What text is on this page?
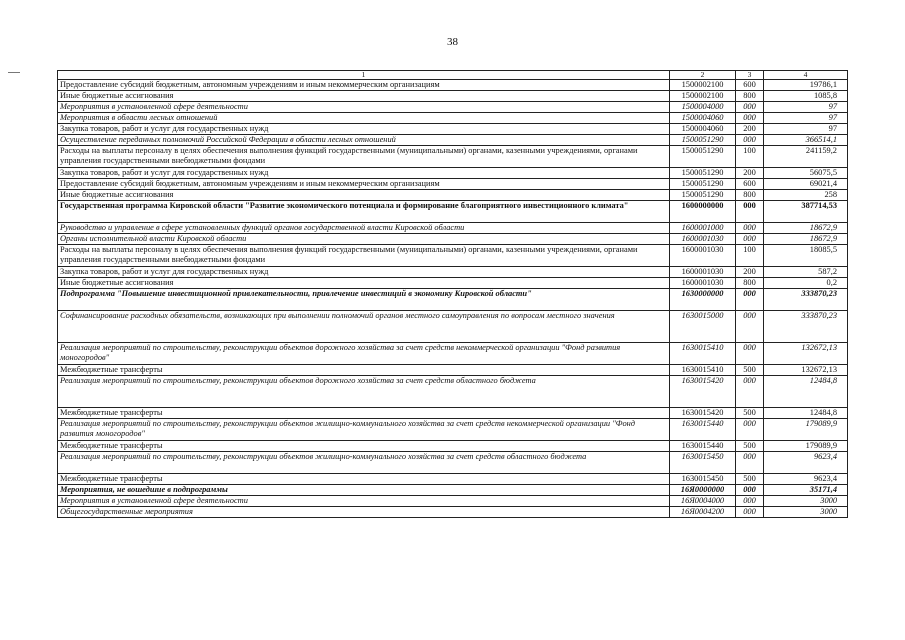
38
1	2	3	4
Предоставление субсидий бюджетным, автономным учреждениям и иным некоммерческим организациям	1500002100	600	19786,1
Иные бюджетные ассигнования	1500002100	800	1085,8
Мероприятия в установленной сфере деятельности	1500004000	000	97
Мероприятия в области лесных отношений	1500004060	000	97
Закупка товаров, работ и услуг для государственных нужд	1500004060	200	97
Осуществление переданных полномочий Российской Федерации в области лесных отношений	1500051290	000	366514,1
Расходы на выплаты персоналу в целях обеспечения выполнения функций государственными (муниципальными) органами, казенными учреждениями, органами управления государственными внебюджетными фондами	1500051290	100	241159,2
Закупка товаров, работ и услуг для государственных нужд	1500051290	200	56075,5
Предоставление субсидий бюджетным, автономным учреждениям и иным некоммерческим организациям	1500051290	600	69021,4
Иные бюджетные ассигнования	1500051290	800	258
Государственная программа Кировской области "Развитие экономического потенциала и формирование благоприятного инвестиционного климата"	1600000000	000	387714,53
Руководство и управление в сфере установленных функций органов государственной власти Кировской области	1600001000	000	18672,9
Органы исполнительной власти Кировской области	1600001030	000	18672,9
Расходы на выплаты персоналу в целях обеспечения выполнения функций государственными (муниципальными) органами, казенными учреждениями, органами управления государственными внебюджетными фондами	1600001030	100	18085,5
Закупка товаров, работ и услуг для государственных нужд	1600001030	200	587,2
Иные бюджетные ассигнования	1600001030	800	0,2
Подпрограмма "Повышение инвестиционной привлекательности, привлечение инвестиций в экономику Кировской области"	1630000000	000	333870,23
Софинансирование расходных обязательств, возникающих при выполнении полномочий органов местного самоуправления по вопросам местного значения	1630015000	000	333870,23
Реализация мероприятий по строительству, реконструкции объектов дорожного хозяйства за счет средств некоммерческой организации "Фонд развития моногородов"	1630015410	000	132672,13
Межбюджетные трансферты	1630015410	500	132672,13
Реализация мероприятий по строительству, реконструкции объектов дорожного хозяйства за счет средств областного бюджета	1630015420	000	12484,8
Межбюджетные трансферты	1630015420	500	12484,8
Реализация мероприятий по строительству, реконструкции объектов жилищно-коммунального хозяйства за счет средств некоммерческой организации "Фонд развития моногородов"	1630015440	000	179089,9
Межбюджетные трансферты	1630015440	500	179089,9
Реализация мероприятий по строительству, реконструкции объектов жилищно-коммунального хозяйства за счет средств областного бюджета	1630015450	000	9623,4
Межбюджетные трансферты	1630015450	500	9623,4
Мероприятия, не вошедшие в подпрограммы	16Я0000000	000	35171,4
Мероприятия в установленной сфере деятельности	16Я0004000	000	3000
Общегосударственные мероприятия	16Я0004200	000	3000
